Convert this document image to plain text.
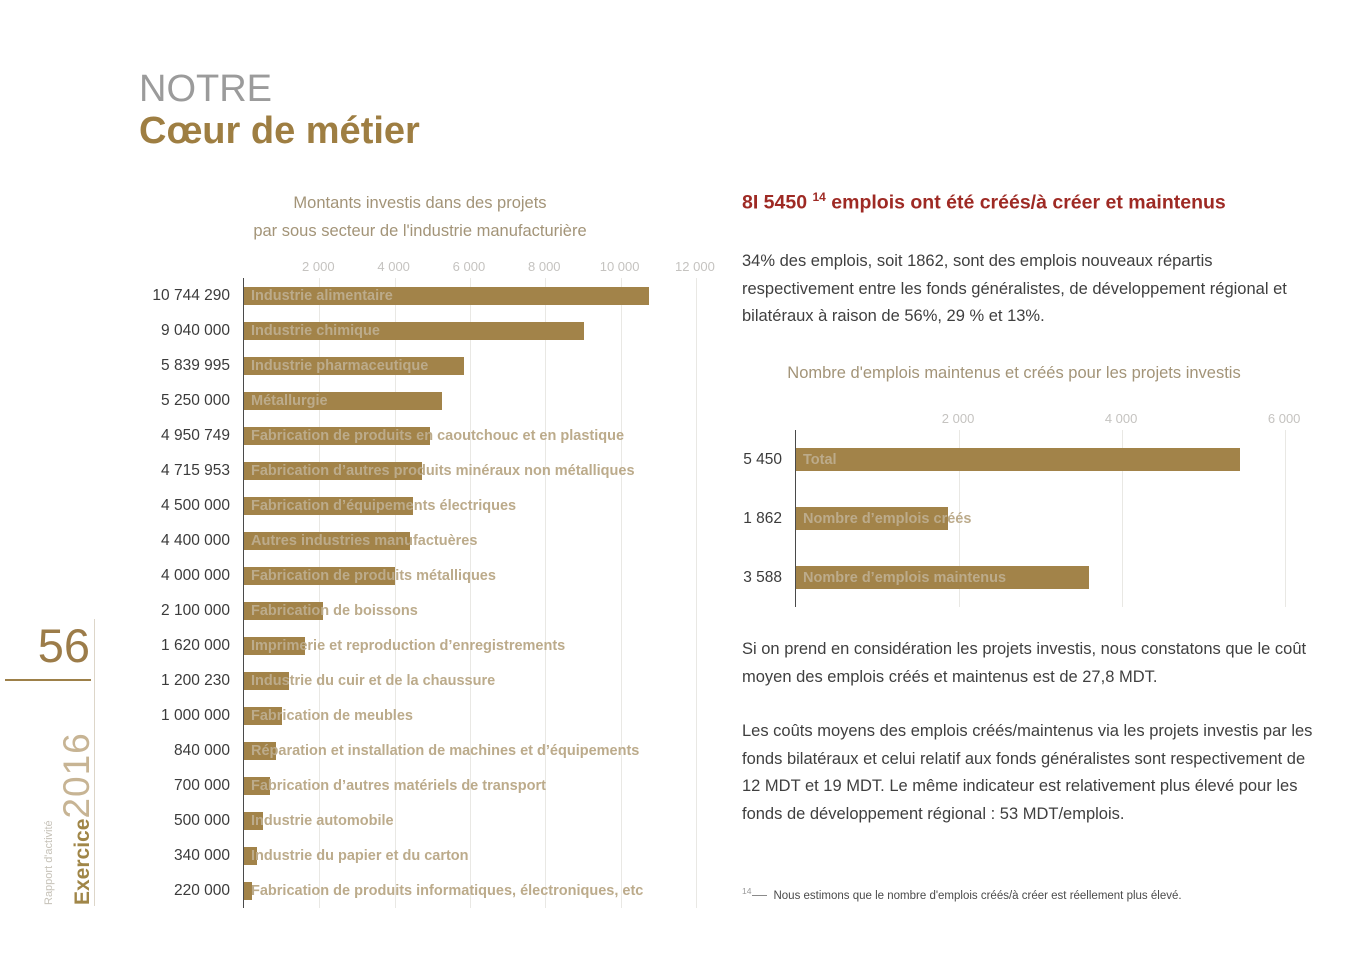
NOTRE
Cœur de métier
Montants investis dans des projets
par sous secteur de l'industrie manufacturière
2 000	4 000	6 000	8 000	10 000	12 000
10 744 290 Industrie alimentaire
9 040 000 Industrie chimique
5 839 995 Industrie pharmaceutique
5 250 000 Métallurgie
4 950 749 Fabrication de produits en caoutchouc et en plastique
4 715 953 Fabrication d’autres produits minéraux non métalliques
4 500 000 Fabrication d’équipements électriques
4 400 000 Autres industries manufactuères
4 000 000 Fabrication de produits métalliques
2 100 000 Fabrication de boissons
1 620 000 Imprimerie et reproduction d’enregistrements
1 200 230 Industrie du cuir et de la chaussure
1 000 000 Fabrication de meubles
840 000 Réparation et installation de machines et d’équipements
700 000 Fabrication d’autres matériels de transport
500 000 Industrie automobile
340 000 Industrie du papier et du carton
220 000 Fabrication de produits informatiques, électroniques, etc
8I 5450 $^{14}$ emplois ont été créés/à créer et maintenus
34% des emplois, soit 1862, sont des emplois nouveaux répartis respectivement entre les fonds généralistes, de développement régional et bilatéraux à raison de 56%, 29 % et 13%.
Nombre d'emplois maintenus et créés pour les projets investis
2 000	4 000	6 000
5 450 Total
1 862 Nombre d’emplois créés
3 588 Nombre d’emplois maintenus
Si on prend en considération les projets investis, nous constatons que le coût moyen des emplois créés et maintenus est de 27,8 MDT.
Les coûts moyens des emplois créés/maintenus via les projets investis par les fonds bilatéraux et celui relatif aux fonds généralistes sont respectivement de 12 MDT et 19 MDT. Le même indicateur est relativement plus élevé pour les fonds de développement régional : 53 MDT/emplois.
$^{14}$ Nous estimons que le nombre d'emplois créés/à créer est réellement plus élevé.
56
Rapport d'activité Exercice2016
